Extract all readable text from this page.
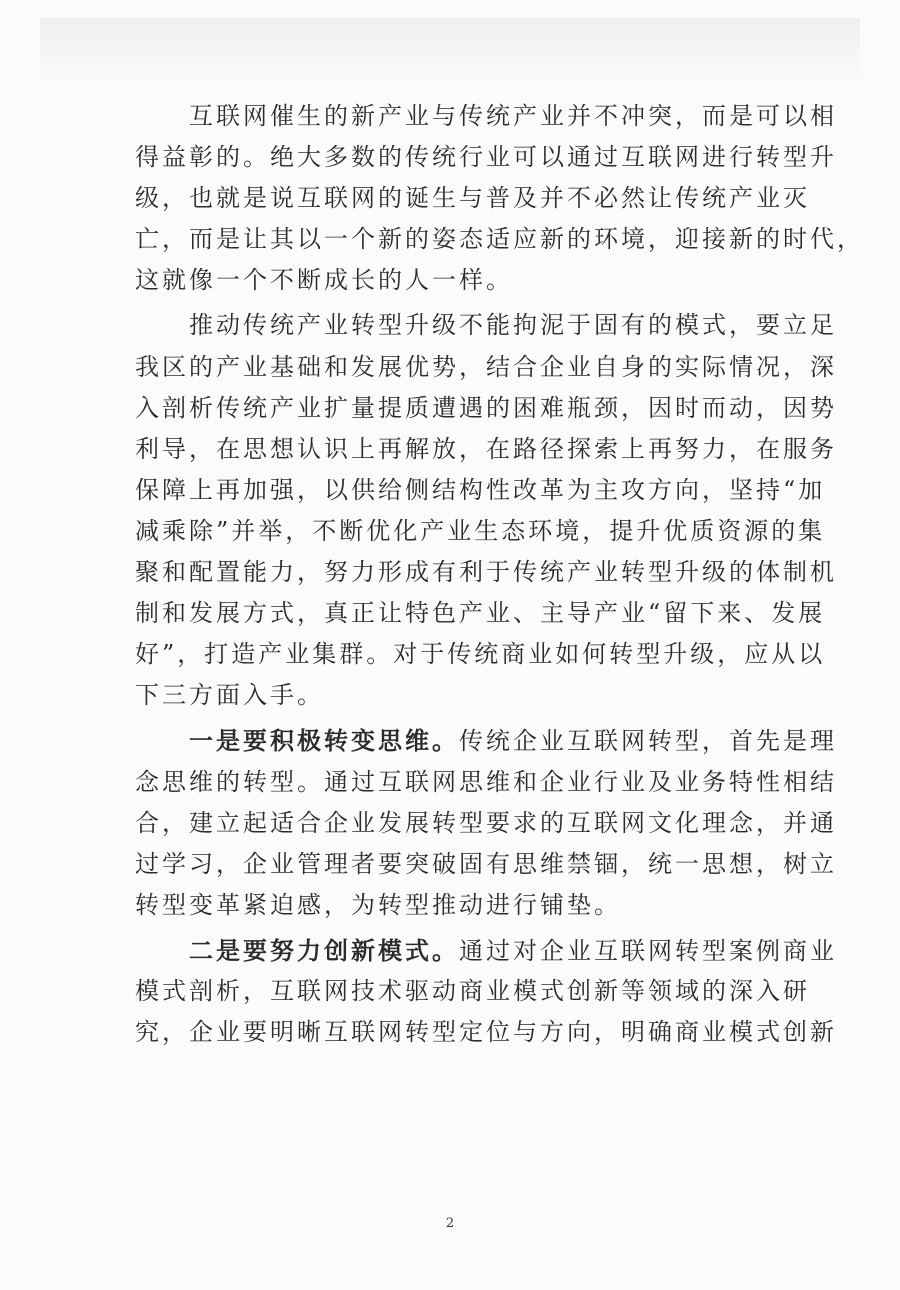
　　互联网催生的新产业与传统产业并不冲突，而是可以相
得益彰的。绝大多数的传统行业可以通过互联网进行转型升
级，也就是说互联网的诞生与普及并不必然让传统产业灭
亡，而是让其以一个新的姿态适应新的环境，迎接新的时代，
这就像一个不断成长的人一样。

　　推动传统产业转型升级不能拘泥于固有的模式，要立足
我区的产业基础和发展优势，结合企业自身的实际情况，深
入剖析传统产业扩量提质遭遇的困难瓶颈，因时而动，因势
利导，在思想认识上再解放，在路径探索上再努力，在服务
保障上再加强，以供给侧结构性改革为主攻方向，坚持“加
减乘除”并举，不断优化产业生态环境，提升优质资源的集
聚和配置能力，努力形成有利于传统产业转型升级的体制机
制和发展方式，真正让特色产业、主导产业“留下来、发展
好”，打造产业集群。对于传统商业如何转型升级，应从以
下三方面入手。

　　一是要积极转变思维。传统企业互联网转型，首先是理
念思维的转型。通过互联网思维和企业行业及业务特性相结
合，建立起适合企业发展转型要求的互联网文化理念，并通
过学习，企业管理者要突破固有思维禁锢，统一思想，树立
转型变革紧迫感，为转型推动进行铺垫。

　　二是要努力创新模式。通过对企业互联网转型案例商业
模式剖析，互联网技术驱动商业模式创新等领域的深入研
究，企业要明晰互联网转型定位与方向，明确商业模式创新

2
